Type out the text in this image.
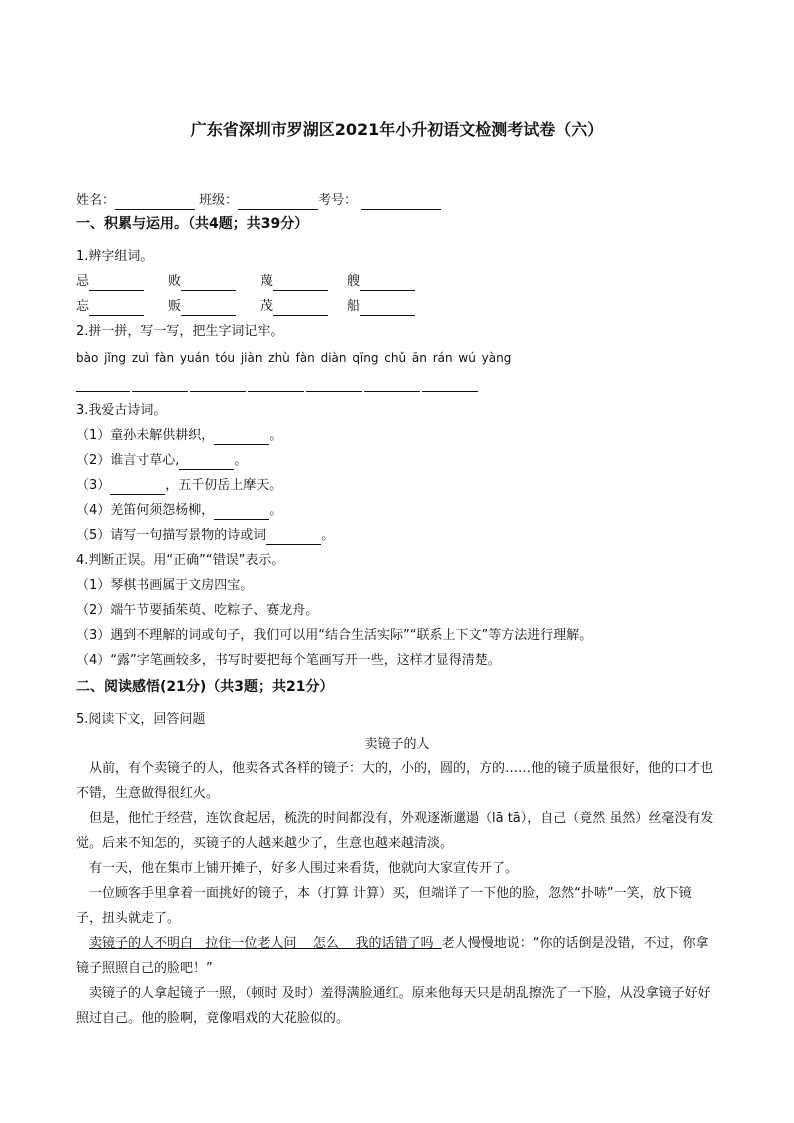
广东省深圳市罗湖区2021年小升初语文检测考试卷（六）
姓名：	班级：	考号：
一、积累与运用。（共4题；共39分）
1.辨字组词。
忌	败	蔑	艘
忘	贩	茂	船
2.拼一拼，写一写，把生字词记牢。
bào jǐng zuì fàn yuán tóu jiàn zhù fàn diàn qīng chǔ ān rán wú yàng
3.我爱古诗词。
（1）童孙未解供耕织，	。
（2）谁言寸草心,	。
（3）	，五千仞岳上摩天。
（4）羌笛何须怨杨柳，	。
（5）请写一句描写景物的诗或词	。
4.判断正误。用“正确”“错误”表示。
（1）琴棋书画属于文房四宝。
（2）端午节要插茱萸、吃粽子、赛龙舟。
（3）遇到不理解的词或句子，我们可以用“结合生活实际”“联系上下文”等方法进行理解。
（4）“露”字笔画较多，书写时要把每个笔画写开一些，这样才显得清楚。
二、阅读感悟(21分)（共3题；共21分）
5.阅读下文，回答问题
卖镜子的人
从前，有个卖镜子的人，他卖各式各样的镜子：大的，小的，圆的，方的……他的镜子质量很好，他的口才也不错，生意做得很红火。
但是，他忙于经营，连饮食起居，梳洗的时间都没有，外观逐渐邋遢（lā tā），自己（竟然 虽然）丝毫没有发觉。后来不知怎的，买镜子的人越来越少了，生意也越来越清淡。
有一天，他在集市上铺开摊子，好多人围过来看货，他就向大家宣传开了。
一位顾客手里拿着一面挑好的镜子，本（打算 计算）买，但端详了一下他的脸，忽然“扑哧”一笑，放下镜子，扭头就走了。
卖镜子的人不明白   拉住一位老人问    怎么    我的话错了吗  老人慢慢地说：“你的话倒是没错，不过，你拿镜子照照自己的脸吧！”
卖镜子的人拿起镜子一照，（顿时 及时）羞得满脸通红。原来他每天只是胡乱擦洗了一下脸，从没拿镜子好好照过自己。他的脸啊，竟像唱戏的大花脸似的。
